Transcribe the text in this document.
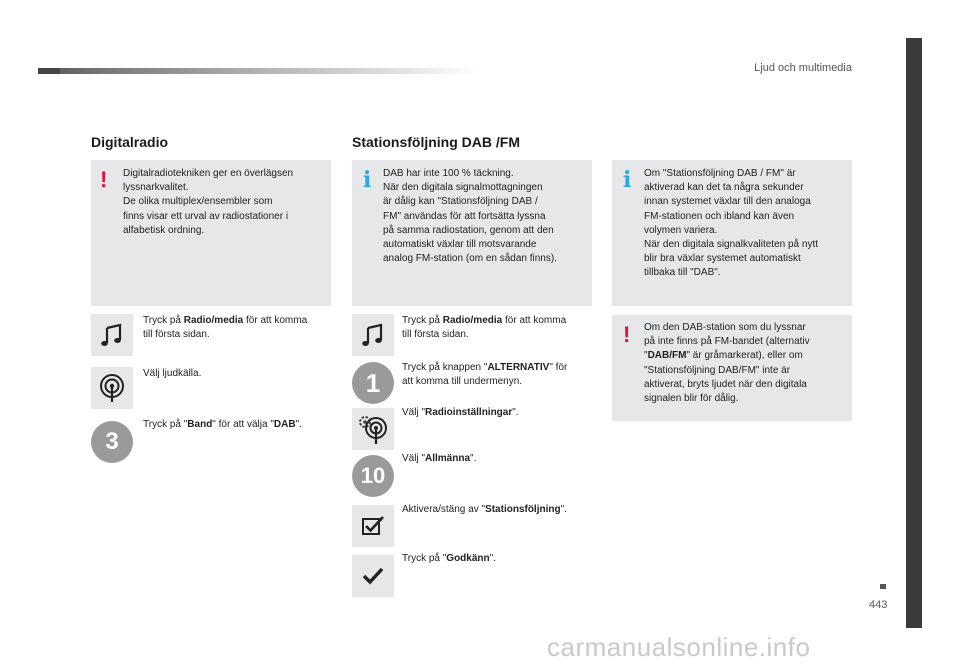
Ljud och multimedia
443
Digitalradio
! Digitalradiotekniken ger en överlägsen

lyssnarkvalitet.

De olika multiplex/ensembler som

finns visar ett urval av radiostationer i

alfabetisk ordning.

Tryck på Radio/media för att komma
till första sidan.
Välj ljudkälla.
3
Tryck på "Band" för att välja "DAB".
Stationsföljning DAB /FM
i DAB har inte 100 % täckning.

När den digitala signalmottagningen

är dålig kan "Stationsföljning DAB /

FM" användas för att fortsätta lyssna

på samma radiostation, genom att den

automatiskt växlar till motsvarande

analog FM-station (om en sådan finns).

Tryck på Radio/media för att komma
till första sidan.
1	Tryck på knappen "ALTERNATIV" för
att komma till undermenyn.
Välj "Radioinställningar".
10
Välj "Allmänna".
Aktivera/stäng av "Stationsföljning".
Tryck på "Godkänn".
i Om "Stationsföljning DAB / FM" är

aktiverad kan det ta några sekunder

innan systemet växlar till den analoga

FM-stationen och ibland kan även

volymen variera.

När den digitala signalkvaliteten på nytt

blir bra växlar systemet automatiskt

tillbaka till "DAB".

! Om den DAB-station som du lyssnar

på inte finns på FM-bandet (alternativ

"DAB/FM" är gråmarkerat), eller om

"Stationsföljning DAB/FM" inte är

aktiverat, bryts ljudet när den digitala

signalen blir för dålig.

carmanualsonline.info
